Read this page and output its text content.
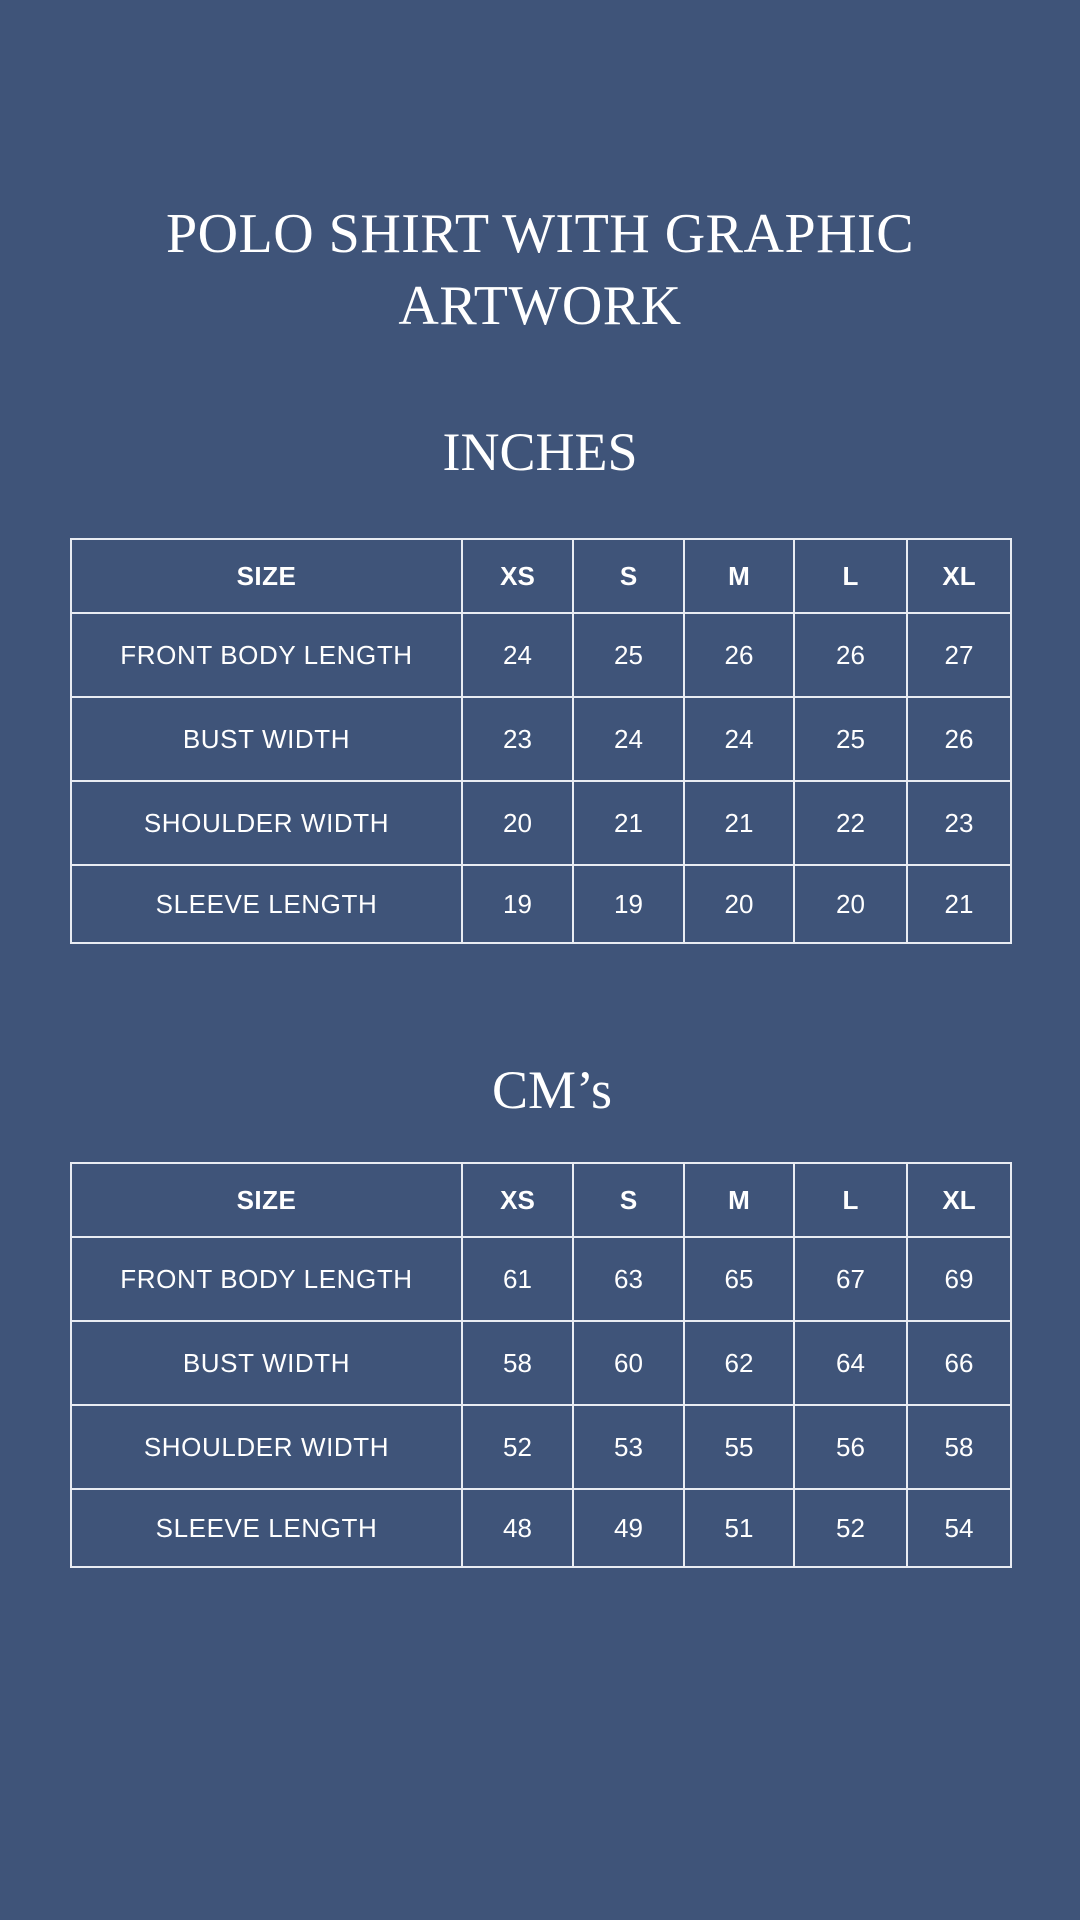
POLO SHIRT WITH GRAPHIC
ARTWORK
INCHES
SIZE	XS	S	M	L	XL
FRONT BODY LENGTH	24	25	26	26	27
BUST WIDTH	23	24	24	25	26
SHOULDER WIDTH	20	21	21	22	23
SLEEVE LENGTH	19	19	20	20	21
CM’s
SIZE	XS	S	M	L	XL
FRONT BODY LENGTH	61	63	65	67	69
BUST WIDTH	58	60	62	64	66
SHOULDER WIDTH	52	53	55	56	58
SLEEVE LENGTH	48	49	51	52	54
